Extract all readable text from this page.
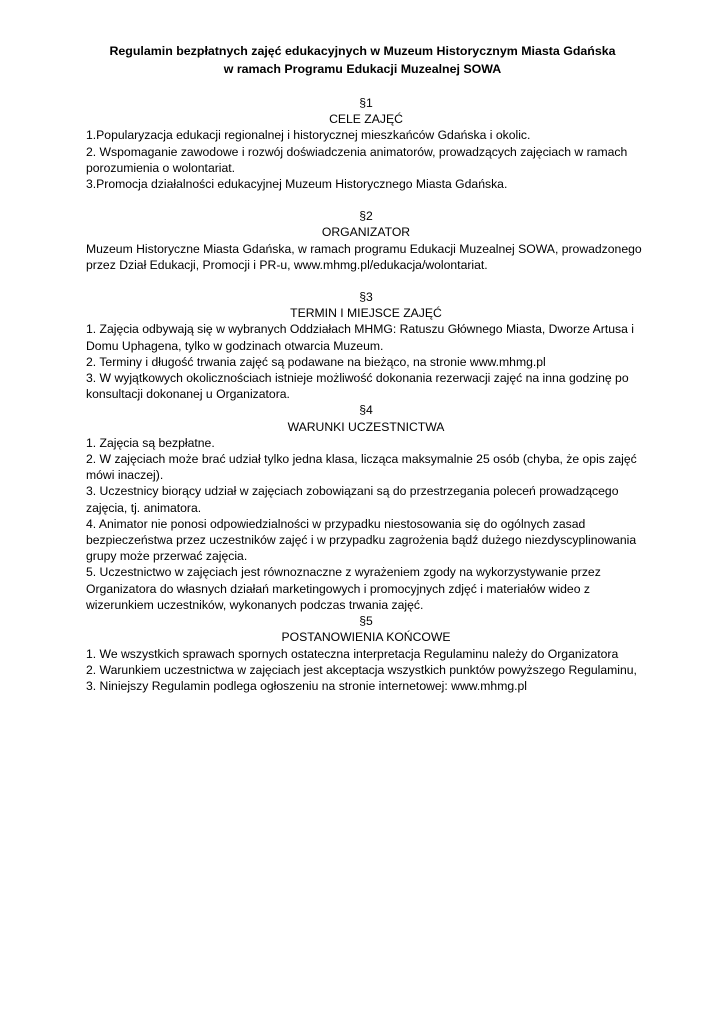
Regulamin bezpłatnych zajęć edukacyjnych w Muzeum Historycznym Miasta Gdańska
w ramach Programu Edukacji Muzealnej SOWA
§1
CELE ZAJĘĆ

1.Popularyzacja edukacji regionalnej i historycznej mieszkańców Gdańska i okolic.

2. Wspomaganie zawodowe i rozwój doświadczenia animatorów, prowadzących zajęciach w ramach porozumienia o wolontariat.

3.Promocja działalności edukacyjnej Muzeum Historycznego Miasta Gdańska.

§2
ORGANIZATOR

Muzeum Historyczne Miasta Gdańska, w ramach programu Edukacji Muzealnej SOWA, prowadzonego przez Dział Edukacji, Promocji i PR-u, www.mhmg.pl/edukacja/wolontariat.

§3
TERMIN I MIEJSCE ZAJĘĆ

1. Zajęcia odbywają się w wybranych Oddziałach MHMG: Ratuszu Głównego Miasta, Dworze Artusa i Domu Uphagena, tylko w godzinach otwarcia Muzeum.

2. Terminy i długość trwania zajęć są podawane na bieżąco, na stronie www.mhmg.pl

3. W wyjątkowych okolicznościach istnieje możliwość dokonania rezerwacji zajęć na inna godzinę po konsultacji dokonanej u Organizatora.

§4
WARUNKI UCZESTNICTWA

1. Zajęcia są bezpłatne.

2. W zajęciach może brać udział tylko jedna klasa, licząca maksymalnie 25 osób (chyba, że opis zajęć mówi inaczej).

3. Uczestnicy biorący udział w zajęciach zobowiązani są do przestrzegania poleceń prowadzącego zajęcia, tj. animatora.

4. Animator nie ponosi odpowiedzialności w przypadku niestosowania się do ogólnych zasad bezpieczeństwa przez uczestników zajęć i w przypadku zagrożenia bądź dużego niezdyscyplinowania grupy może przerwać zajęcia.

5. Uczestnictwo w zajęciach jest równoznaczne z wyrażeniem zgody na wykorzystywanie przez Organizatora do własnych działań marketingowych i promocyjnych zdjęć i materiałów wideo z wizerunkiem uczestników, wykonanych podczas trwania zajęć.

§5
POSTANOWIENIA KOŃCOWE

1. We wszystkich sprawach spornych ostateczna interpretacja Regulaminu należy do Organizatora

2. Warunkiem uczestnictwa w zajęciach jest akceptacja wszystkich punktów powyższego Regulaminu,

3. Niniejszy Regulamin podlega ogłoszeniu na stronie internetowej: www.mhmg.pl
